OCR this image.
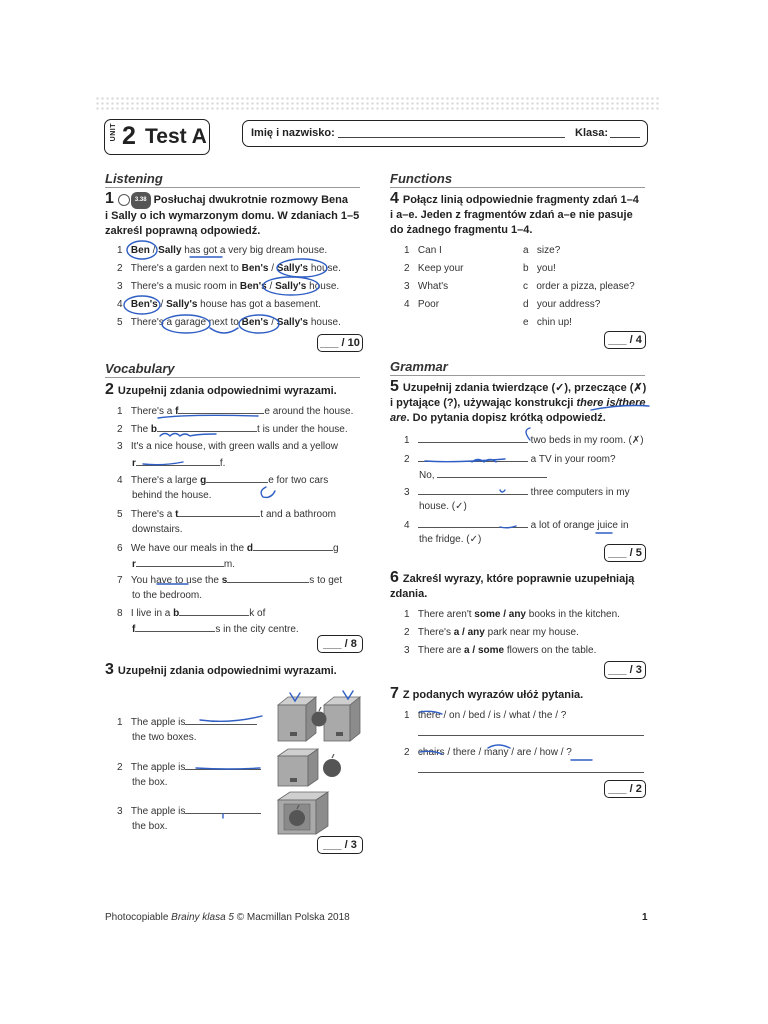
UNIT 2 Test A	Imię i nazwisko:	Klasa:
Listening	Functions
Vocabulary	Grammar
1	3.38 Posłuchaj dwukrotnie rozmowy Bena
i Sally o ich wymarzonym domu. W zdaniach 1–5
zakreśl poprawną odpowiedź.
1 Ben / Sally has got a very big dream house.
2 There's a garden next to Ben's / Sally's house.
3 There's a music room in Ben's / Sally's house.
4 Ben's / Sally's house has got a basement.
5 There's a garage next to Ben's / Sally's house.
___ / 10
4 Połącz linią odpowiednie fragmenty zdań 1–4
i a–e. Jeden z fragmentów zdań a–e nie pasuje
do żadnego fragmentu 1–4.
1 Can I
2 Keep your
3 What's
4 Poor
a size?
b you!
c order a pizza, please?
d your address?
e chin up!
___ / 4
2 Uzupełnij zdania odpowiednimi wyrazami.
1   There's a f	e around the house.
2   The b	t is under the house.
3   It's a nice house, with green walls and a yellow
r	f.
4   There's a large g	e for two cars
behind the house.
5   There's a t	t and a bathroom
downstairs.
6   We have our meals in the d	g
r	m.
7   You have to use the s	s to get
to the bedroom.
8   I live in a b	k of
f	s in the city centre.
___ / 8
5 Uzupełnij zdania twierdzące (✓), przeczące (✗)
i pytające (?), używając konstrukcji there is/there
are. Do pytania dopisz krótką odpowiedź.
1	two beds in my room. (✗)
2	a TV in your room?
No,
3	three computers in my
house. (✓)
4	a lot of orange juice in
the fridge. (✓)
___ / 5
6 Zakreśl wyrazy, które poprawnie uzupełniają
zdania.
1   There aren't some / any books in the kitchen.
2   There's a / any park near my house.
3   There are a / some flowers on the table.
___ / 3
3 Uzupełnij zdania odpowiednimi wyrazami.
1   The apple is
the two boxes.
2   The apple is
the box.
3   The apple is
the box.
___ / 3
7 Z podanych wyrazów ułóż pytania.
1   there / on / bed / is / what / the / ?
2   chairs / there / many / are / how / ?
___ / 2
Photocopiable Brainy klasa 5 © Macmillan Polska 2018	1
